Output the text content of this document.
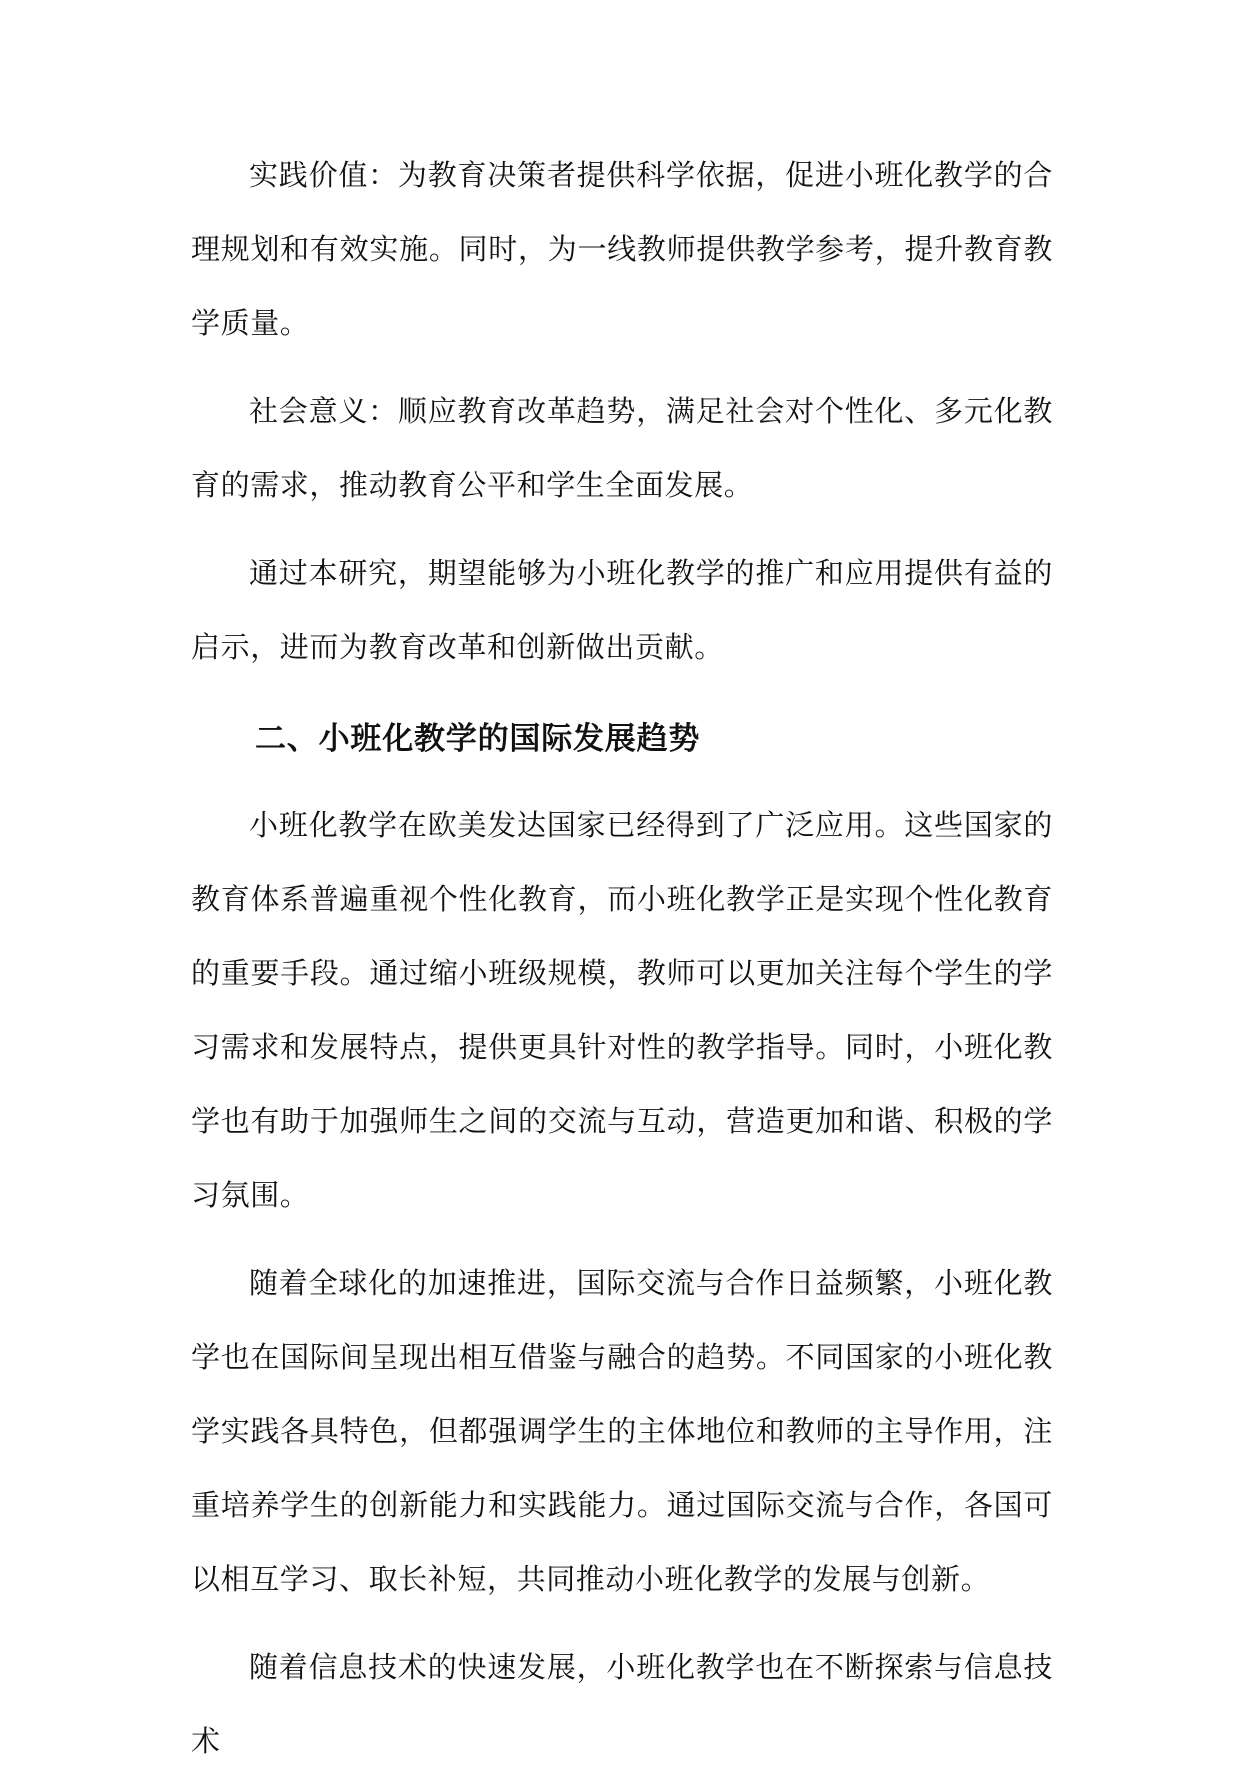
实践价值：为教育决策者提供科学依据，促进小班化教学的合理规划和有效实施。同时，为一线教师提供教学参考，提升教育教学质量。

社会意义：顺应教育改革趋势，满足社会对个性化、多元化教育的需求，推动教育公平和学生全面发展。

通过本研究，期望能够为小班化教学的推广和应用提供有益的启示，进而为教育改革和创新做出贡献。

二、小班化教学的国际发展趋势

小班化教学在欧美发达国家已经得到了广泛应用。这些国家的教育体系普遍重视个性化教育，而小班化教学正是实现个性化教育的重要手段。通过缩小班级规模，教师可以更加关注每个学生的学习需求和发展特点，提供更具针对性的教学指导。同时，小班化教学也有助于加强师生之间的交流与互动，营造更加和谐、积极的学习氛围。

随着全球化的加速推进，国际交流与合作日益频繁，小班化教学也在国际间呈现出相互借鉴与融合的趋势。不同国家的小班化教学实践各具特色，但都强调学生的主体地位和教师的主导作用，注重培养学生的创新能力和实践能力。通过国际交流与合作，各国可以相互学习、取长补短，共同推动小班化教学的发展与创新。

随着信息技术的快速发展，小班化教学也在不断探索与信息技术
